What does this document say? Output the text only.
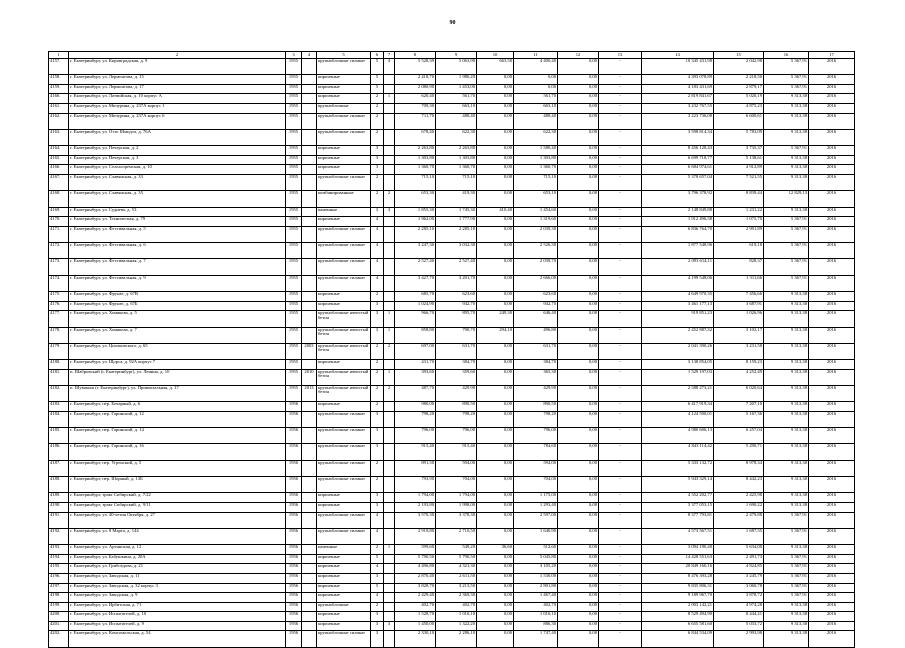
90
1	2	3	4	5	6	7	8	9	10	11	12	13	14	15	16	17
4157.	г. Екатеринбург, ул. Кировградская, д. 9	1955		крупноблочные силикат	5	4	5 528,39	5 063,90	663,50	4 400,40	0,00	-	10 345 431,98	2 042,98	5 367,91	2016
4158.	г. Екатеринбург, ул. Лермонтова, д. 15	1955		кирпичные	5		2 418,70	1 980,20	0,00	0,00	0,00	-	4 393 078,89	2 218,50	5 367,91	2016
4159.	г. Екатеринбург, ул. Лермонтова, д. 17	1955		кирпичные	5		2 080,90	1 453,00	0,00	0,00	0,00	-	4 183 431,69	2 879,17	5 367,91	2016
4160.	г. Екатеринбург, ул. Латвийская, д. 10 корпус А	1955		кирпичные	2	1	620,40	561,70	0,00	561,70	0,00	-	2 819 841,67	5 020,19	9 313,38	2016
4161.	г. Екатеринбург, ул. Мичурина, д. 237А корпус 1	1955		крупноблочные	2		709,30	663,10	0,00	663,10	0,00	-	3 232 767,55	4 875,23	9 313,38	2016
4162.	г. Екатеринбург, ул. Мичурина, д. 237А корпус 6	1955		крупноблочные силикат	2		711,70	488,40	0,00	488,40	0,00	-	3 223 736,08	6 600,61	9 313,38	2016
4163.	г. Екатеринбург, ул. Отто Шмидта, д. 76А	1955		крупноблочные силикат	2		678,40	622,30	0,00	622,30	0,00	-	3 598 814,34	5 783,09	9 313,38	2016
4164.	г. Екатеринбург, ул. Печерская, д. 2	1955		кирпичные	3		2 263,80	2 263,80	0,00	1 580,40	0,00	-	8 456 128,43	3 735,37	5 367,91	2016
4165.	г. Екатеринбург, ул. Печерская, д. 3	1955		кирпичные	3		1 303,80	1 303,80	0,00	1 303,80	0,00	-	6 699 718,77	5 138,61	9 313,38	2016
4166.	г. Екатеринбург, ул. Сельхозремская, д. 10	1955		кирпичные	3		1 360,70	1 360,70	0,00	1 360,70	0,00	-	6 684 974,61	4 912,89	9 313,38	2016
4167.	г. Екатеринбург, ул. Славянская, д. 33	1955		крупноблочные силикат	2		715,10	715,10	0,00	715,10	0,00	-	5 378 657,04	7 521,55	9 313,38	2016
4168.	г. Екатеринбург, ул. Славянская, д. 35	1955		комбинированные	2	2	653,30	419,30	0,00	653,10	0,00	-	3 796 378,92	8 839,44	12 829,13	2016
4169.	г. Екатеринбург, ул. Суднева, д. 53	1955		каменные	3	3	1 855,30	1 745,30	410,40	1 454,60	0,00	-	2 148 849,88	1 231,22	9 313,38	2016
4170.	г. Екатеринбург, ул. Техническая, д. 79	1955		кирпичные	4		1 962,00	1 777,90	0,00	1 319,60	0,00	-	1 912 496,38	1 075,70	5 367,91	2016
4171.	г. Екатеринбург, ул. Фестивальная, д. 5	1955		крупноблочные силикат	4		2 285,10	2 285,10	0,00	2 039,30	0,00	-	6 836 764,70	2 991,89	5 367,91	2016
4172.	г. Екатеринбург, ул. Фестивальная, д. 6	1955		крупноблочные силикат	4		3 247,30	3 032,30	0,00	2 526,30	0,00	-	1 877 548,96	619,18	5 367,91	2016
4173.	г. Екатеринбург, ул. Фестивальная, д. 7	1955		крупноблочные силикат	4		2 527,40	2 527,40	0,00	2 039,70	0,00	-	2 093 614,11	828,37	5 367,91	2016
4174.	г. Екатеринбург, ул. Фестивальная, д. 9	1955		крупноблочные силикат	4		3 427,70	3 201,70	0,00	2 666,00	0,00	-	4 199 548,06	1 311,66	5 367,91	2016
4175.	г. Екатеринбург, ул. Фрунзе, д. 67В	1955		кирпичные	2		685,70	623,60	0,00	623,60	0,00	-	4 649 970,35	7 456,66	9 313,38	2016
4176.	г. Екатеринбург, ул. Фрунзе, д. 67Б	1955		кирпичные	3		1 024,90	942,70	0,00	942,70	0,00	-	3 461 177,13	3 687,91	9 313,38	2016
4177.	г. Екатеринбург, ул. Хомякова, д. 5	1955		крупноблочные ячеистый бетон	3	1	966,70	895,70	249,30	646,40	0,00	-	919 851,23	1 026,96	9 313,38	2016
4178.	г. Екатеринбург, ул. Хомякова, д. 7	1955		крупноблочные ячеистый бетон	3	1	858,80	790,70	294,10	496,80	0,00	-	2 452 887,32	3 102,17	9 313,38	2016
4179.	г. Екатеринбург, ул. Циолковского, д. 65	1955	2003	крупноблочные ячеистый бетон	2	2	697,00	631,70	0,00	631,70	0,00	-	2 041 390,26	3 231,58	9 313,38	2016
4180.	г. Екатеринбург, ул. Щорса, д. 92А корпус 7	1955		кирпичные	2		431,70	384,70	0,00	384,70	0,00	-	3 138 854,05	8 159,23	9 313,38	2016
4181.	п. Шабровский (г. Екатеринбург), ул. Ленина, д. 10	1955	2010	крупноблочные ячеистый бетон	2	1	393,60	359,60	0,00	365,30	0,00	-	1 529 197,03	4 252,49	9 313,38	2016
4182.	п. Шувакиш (г. Екатеринбург), ул. Привокзальная, д. 17	1955	2013	крупноблочные ячеистый бетон	2	2	487,70	429,90	0,00	429,90	0,00	-	2 588 273,21	6 020,64	9 313,38	2016
4183.	г. Екатеринбург, пер. Бочарный, д. 6	1956		кирпичные	2		980,00	890,50	0,00	890,50	0,00	-	6 417 919,34	7 207,10	9 313,38	2016
4184.	г. Екатеринбург, пер. Гаринский, д. 12	1956		крупноблочные силикат	3		798,20	798,20	0,00	798,20	0,00	-	4 124 590,01	5 167,36	9 313,38	2016
4185.	г. Екатеринбург, пер. Гаринский, д. 14	1956		крупноблочные силикат	3		796,00	796,00	0,00	796,00	0,00	-	4 980 606,13	6 257,04	9 313,38	2016
4186.	г. Екатеринбург, пер. Гаринский, д. 16	1956		крупноблочные силикат	3		915,40	915,40	0,00	784,60	0,00	-	4 843 114,42	5 290,71	9 313,38	2016
4187.	г. Екатеринбург, пер. Угренский, д. 5	1956		крупноблочные силикат	2		891,50	594,00	0,00	594,00	0,00	-	5 333 132,72	8 978,34	9 313,38	2016
4188.	г. Екатеринбург, пер. Шорный, д. 13Б	1956		крупноблочные силикат	2		793,90	704,00	0,00	704,00	0,00	-	5 943 329,14	8 442,23	9 313,38	2016
4189.	г. Екатеринбург, тракт Сибирский, д. 7/22	1956		кирпичные	3		1 794,00	1 794,00	0,00	1 175,00	0,00	-	4 352 202,77	2 425,98	9 313,38	2016
4190.	г. Екатеринбург, тракт Сибирский, д. 9/11	1956		кирпичные	3		2 193,80	1 998,00	0,00	1 293,40	0,00	-	3 377 053,15	1 690,22	9 313,38	2016
4191.	г. Екатеринбург, ул. 40-летия Октября, д. 27	1956		крупноблочные силикат	4		3 570,30	3 378,30	0,00	2 597,00	0,00	-	8 377 793,81	2 479,88	5 367,91	2016
4192.	г. Екатеринбург, ул. 8 Марта, д. 144	1956		крупноблочные силикат	4		2 919,80	2 710,50	0,00	1 640,90	0,00	-	4 573 567,51	1 687,35	5 367,91	2016
4193.	г. Екатеринбург, ул. Артинская, д. 12	1956		каменные	2	1	599,60	549,20	36,60	512,60	0,00	-	3 094 190,40	5 634,00	9 313,38	2016
4194.	г. Екатеринбург, ул. Бабушкина, д. 20А	1956		кирпичные	5		5 790,50	5 790,50	0,00	5 045,80	0,00	-	14 428 551,63	2 491,73	5 367,91	2016
4195.	г. Екатеринбург, ул. Грибоедова, д. 21	1956		кирпичные	4		4 496,80	4 321,30	0,00	3 105,20	0,00	-	20 849 160,16	4 824,85	5 367,91	2016
4196.	г. Екатеринбург, ул. Заводская, д. 11	1956		кирпичные	3		2 870,40	2 611,50	0,00	1 530,00	0,00	-	8 476 393,28	3 245,79	5 367,91	2016
4197.	г. Екатеринбург, ул. Заводская, д. 32 корпус 3	1956		кирпичные	5		3 828,70	3 213,50	0,00	2 801,80	0,00	-	9 835 806,31	3 060,78	5 367,91	2016
4198.	г. Екатеринбург, ул. Заводская, д. 9	1956		кирпичные	4		2 429,40	2 369,30	0,00	1 467,40	0,00	-	9 189 967,70	3 878,72	5 367,91	2016
4199.	г. Екатеринбург, ул. Ирбитская, д. 71	1956		крупноблочные	2		402,70	402,70	0,00	402,70	0,00	-	2 003 142,21	4 974,28	9 313,38	2016
4200.	г. Екатеринбург, ул. Испытателей, д. 10	1956		кирпичные	3		1 528,70	1 016,10	0,00	1 016,10	0,00	-	8 529 494,90	8 444,21	9 313,38	2016
4201.	г. Екатеринбург, ул. Испытателей, д. 9	1956		кирпичные	3	3	1 450,00	1 322,20	0,00	886,30	0,00	-	6 655 581,60	5 033,72	9 313,38	2016
4202.	г. Екатеринбург, ул. Комсомольская, д. 54	1956		крупноблочные силикат	3		2 330,10	2 286,10	0,00	1 747,40	0,00	-	6 844 534,09	2 993,98	9 313,38	2016
